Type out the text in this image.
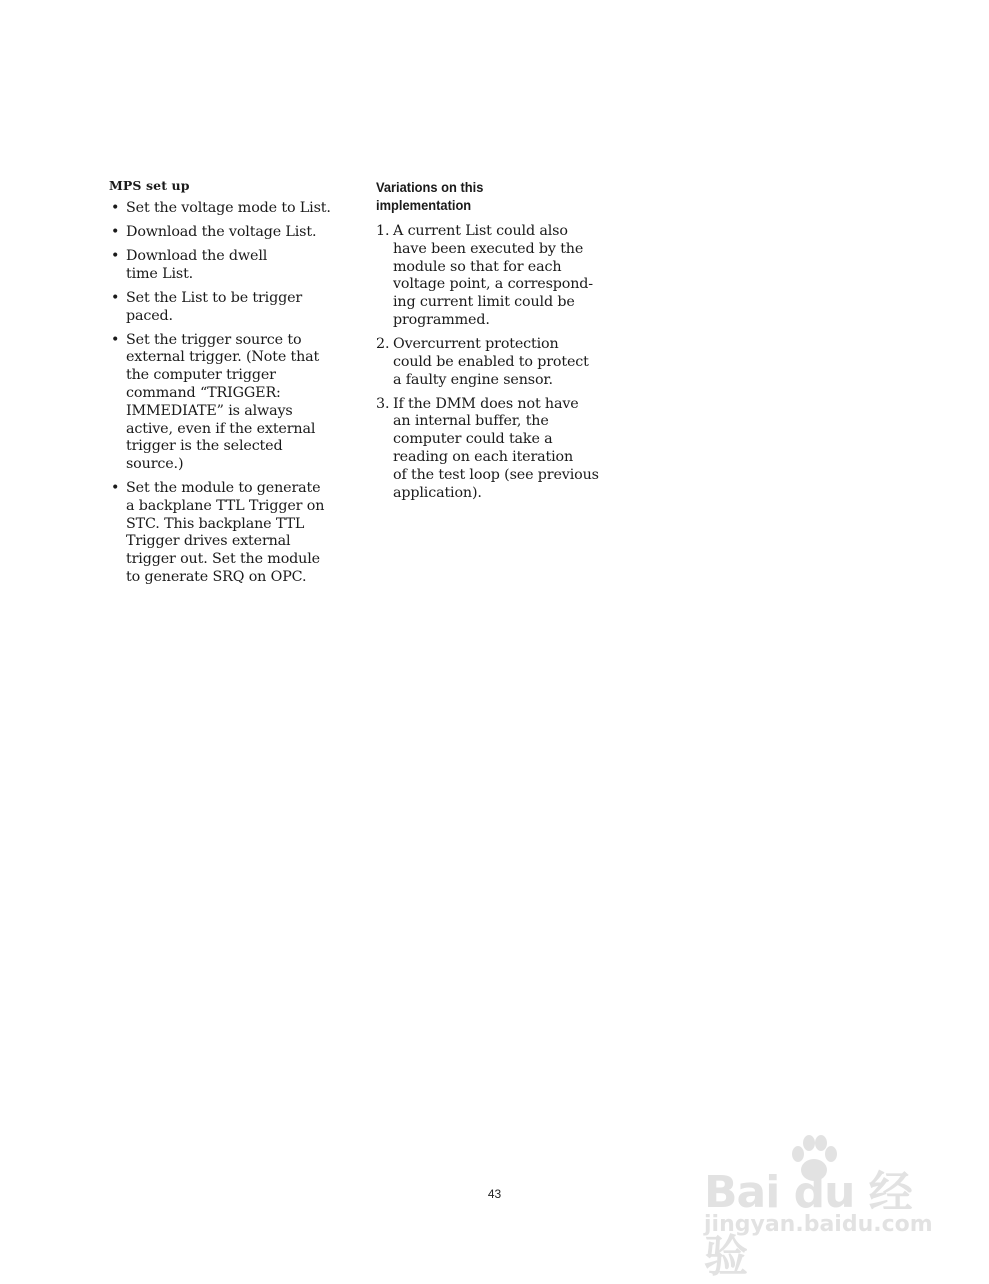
MPS set up
• Set the voltage mode to List.
• Download the voltage List.
• Download the dwell
time List.
• Set the List to be trigger
paced.
• Set the trigger source to
external trigger. (Note that
the computer trigger
command “TRIGGER:
IMMEDIATE” is always
active, even if the external
trigger is the selected
source.)
• Set the module to generate
a backplane TTL Trigger on
STC. This backplane TTL
Trigger drives external
trigger out. Set the module
to generate SRQ on OPC.
Variations on this
implementation
1. A current List could also
have been executed by the
module so that for each
voltage point, a correspond-
ing current limit could be
programmed.
2. Overcurrent protection
could be enabled to protect
a faulty engine sensor.
3. If the DMM does not have
an internal buffer, the
computer could take a
reading on each iteration
of the test loop (see previous
application).
43	Bai du 经验
jingyan.baidu.com
